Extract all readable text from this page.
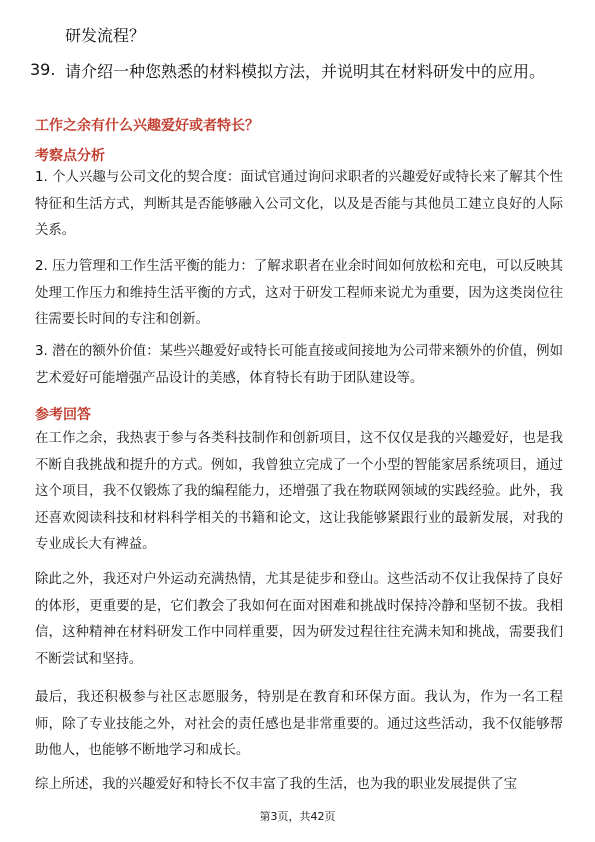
研发流程？
39. 请介绍一种您熟悉的材料模拟方法，并说明其在材料研发中的应用。
工作之余有什么兴趣爱好或者特长？
考察点分析
1. 个人兴趣与公司文化的契合度：面试官通过询问求职者的兴趣爱好或特长来了解其个性特征和生活方式，判断其是否能够融入公司文化，以及是否能与其他员工建立良好的人际关系。
2. 压力管理和工作生活平衡的能力：了解求职者在业余时间如何放松和充电，可以反映其处理工作压力和维持生活平衡的方式，这对于研发工程师来说尤为重要，因为这类岗位往往需要长时间的专注和创新。
3. 潜在的额外价值：某些兴趣爱好或特长可能直接或间接地为公司带来额外的价值，例如艺术爱好可能增强产品设计的美感，体育特长有助于团队建设等。
参考回答
在工作之余，我热衷于参与各类科技制作和创新项目，这不仅仅是我的兴趣爱好，也是我不断自我挑战和提升的方式。例如，我曾独立完成了一个小型的智能家居系统项目，通过这个项目，我不仅锻炼了我的编程能力，还增强了我在物联网领域的实践经验。此外，我还喜欢阅读科技和材料科学相关的书籍和论文，这让我能够紧跟行业的最新发展，对我的专业成长大有裨益。
除此之外，我还对户外运动充满热情，尤其是徒步和登山。这些活动不仅让我保持了良好的体形，更重要的是，它们教会了我如何在面对困难和挑战时保持冷静和坚韧不拔。我相信，这种精神在材料研发工作中同样重要，因为研发过程往往充满未知和挑战，需要我们不断尝试和坚持。
最后，我还积极参与社区志愿服务，特别是在教育和环保方面。我认为，作为一名工程师，除了专业技能之外，对社会的责任感也是非常重要的。通过这些活动，我不仅能够帮助他人，也能够不断地学习和成长。
综上所述，我的兴趣爱好和特长不仅丰富了我的生活，也为我的职业发展提供了宝
第3页，共42页
